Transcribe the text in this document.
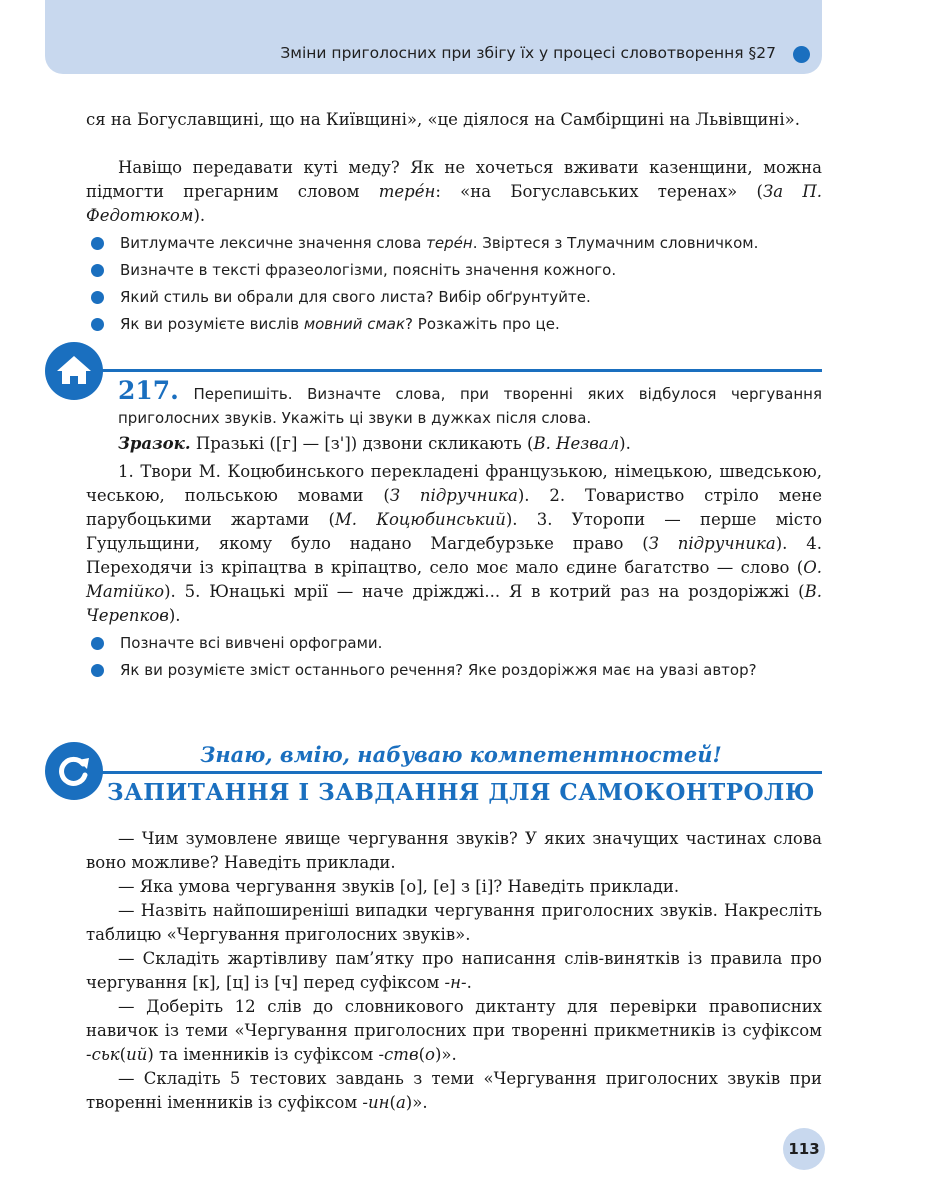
Зміни приголосних при збігу їх у процесі словотворення §27
ся на Богуславщині, що на Київщині», «це діялося на Самбірщині на Львівщині».
Навіщо передавати куті меду? Як не хочеться вживати казенщини, можна підмогти прегарним словом терéн: «на Богуславських теренах» (За П. Федотюком).
Витлумачте лексичне значення слова терéн. Звіртеся з Тлумачним словничком.
Визначте в тексті фразеологізми, поясніть значення кожного.
Який стиль ви обрали для свого листа? Вибір обґрунтуйте.
Як ви розумієте вислів мовний смак? Розкажіть про це.
217. Перепишіть. Визначте слова, при творенні яких відбулося чергування приголосних звуків. Укажіть ці звуки в дужках після слова.
Зразок. Празькі ([г] — [з']) дзвони скликають (В. Незвал).
1. Твори М. Коцюбинського перекладені французькою, німецькою, шведською, чеською, польською мовами (З підручника). 2. Товариство стріло мене парубоцькими жартами (М. Коцюбинський). 3. Уторопи — перше місто Гуцульщини, якому було надано Магдебурзьке право (З підручника). 4. Переходячи із кріпацтва в кріпацтво, село моє мало єдине багатство — слово (О. Матійко). 5. Юнацькі мрії — наче дріжджі... Я в котрий раз на роздоріжжі (В. Черепков).
Позначте всі вивчені орфограми.
Як ви розумієте зміст останнього речення? Яке роздоріжжя має на увазі автор?
Знаю, вмію, набуваю компетентностей!
ЗАПИТАННЯ І ЗАВДАННЯ ДЛЯ САМОКОНТРОЛЮ
— Чим зумовлене явище чергування звуків? У яких значущих частинах слова воно можливе? Наведіть приклади.
— Яка умова чергування звуків [о], [е] з [і]? Наведіть приклади.
— Назвіть найпоширеніші випадки чергування приголосних звуків. Накресліть таблицю «Чергування приголосних звуків».
— Складіть жартівливу пам’ятку про написання слів-винятків із правила про чергування [к], [ц] із [ч] перед суфіксом -н-.
— Доберіть 12 слів до словникового диктанту для перевірки правописних навичок із теми «Чергування приголосних при творенні прикметників із суфіксом -ськ(ий) та іменників із суфіксом -ств(о)».
— Складіть 5 тестових завдань з теми «Чергування приголосних звуків при творенні іменників із суфіксом -ин(а)».
113
